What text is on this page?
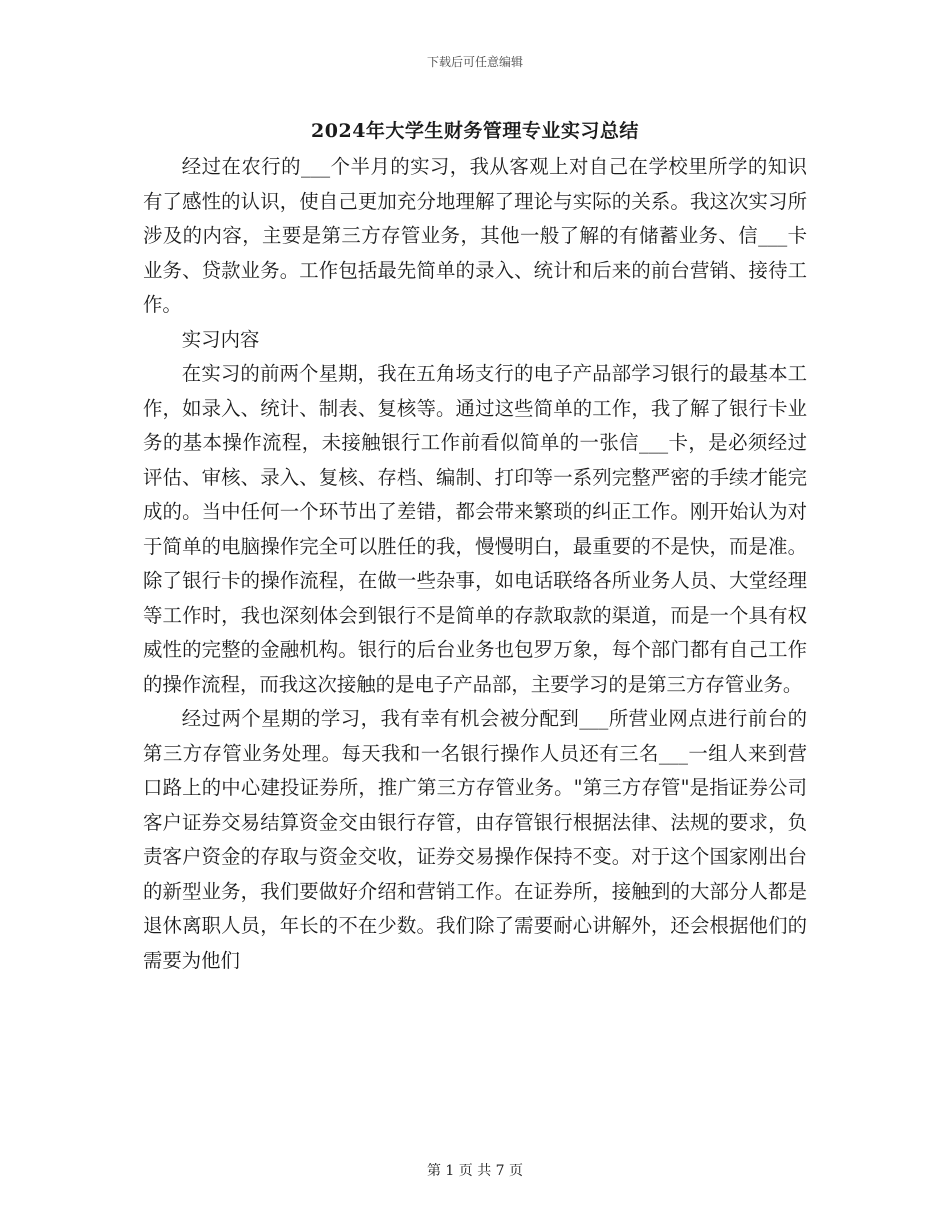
下载后可任意编辑
2024年大学生财务管理专业实习总结

经过在农行的___个半月的实习，我从客观上对自己在学校里所学的知识有了感性的认识，使自己更加充分地理解了理论与实际的关系。我这次实习所涉及的内容，主要是第三方存管业务，其他一般了解的有储蓄业务、信___卡业务、贷款业务。工作包括最先简单的录入、统计和后来的前台营销、接待工作。

实习内容

在实习的前两个星期，我在五角场支行的电子产品部学习银行的最基本工作，如录入、统计、制表、复核等。通过这些简单的工作，我了解了银行卡业务的基本操作流程，未接触银行工作前看似简单的一张信___卡，是必须经过评估、审核、录入、复核、存档、编制、打印等一系列完整严密的手续才能完成的。当中任何一个环节出了差错，都会带来繁琐的纠正工作。刚开始认为对于简单的电脑操作完全可以胜任的我，慢慢明白，最重要的不是快，而是准。除了银行卡的操作流程，在做一些杂事，如电话联络各所业务人员、大堂经理等工作时，我也深刻体会到银行不是简单的存款取款的渠道，而是一个具有权威性的完整的金融机构。银行的后台业务也包罗万象，每个部门都有自己工作的操作流程，而我这次接触的是电子产品部，主要学习的是第三方存管业务。

经过两个星期的学习，我有幸有机会被分配到___所营业网点进行前台的第三方存管业务处理。每天我和一名银行操作人员还有三名___一组人来到营口路上的中心建投证券所，推广第三方存管业务。"第三方存管"是指证券公司客户证券交易结算资金交由银行存管，由存管银行根据法律、法规的要求，负责客户资金的存取与资金交收，证券交易操作保持不变。对于这个国家刚出台的新型业务，我们要做好介绍和营销工作。在证券所，接触到的大部分人都是退休离职人员，年长的不在少数。我们除了需要耐心讲解外，还会根据他们的需要为他们

第 1 页 共 7 页
